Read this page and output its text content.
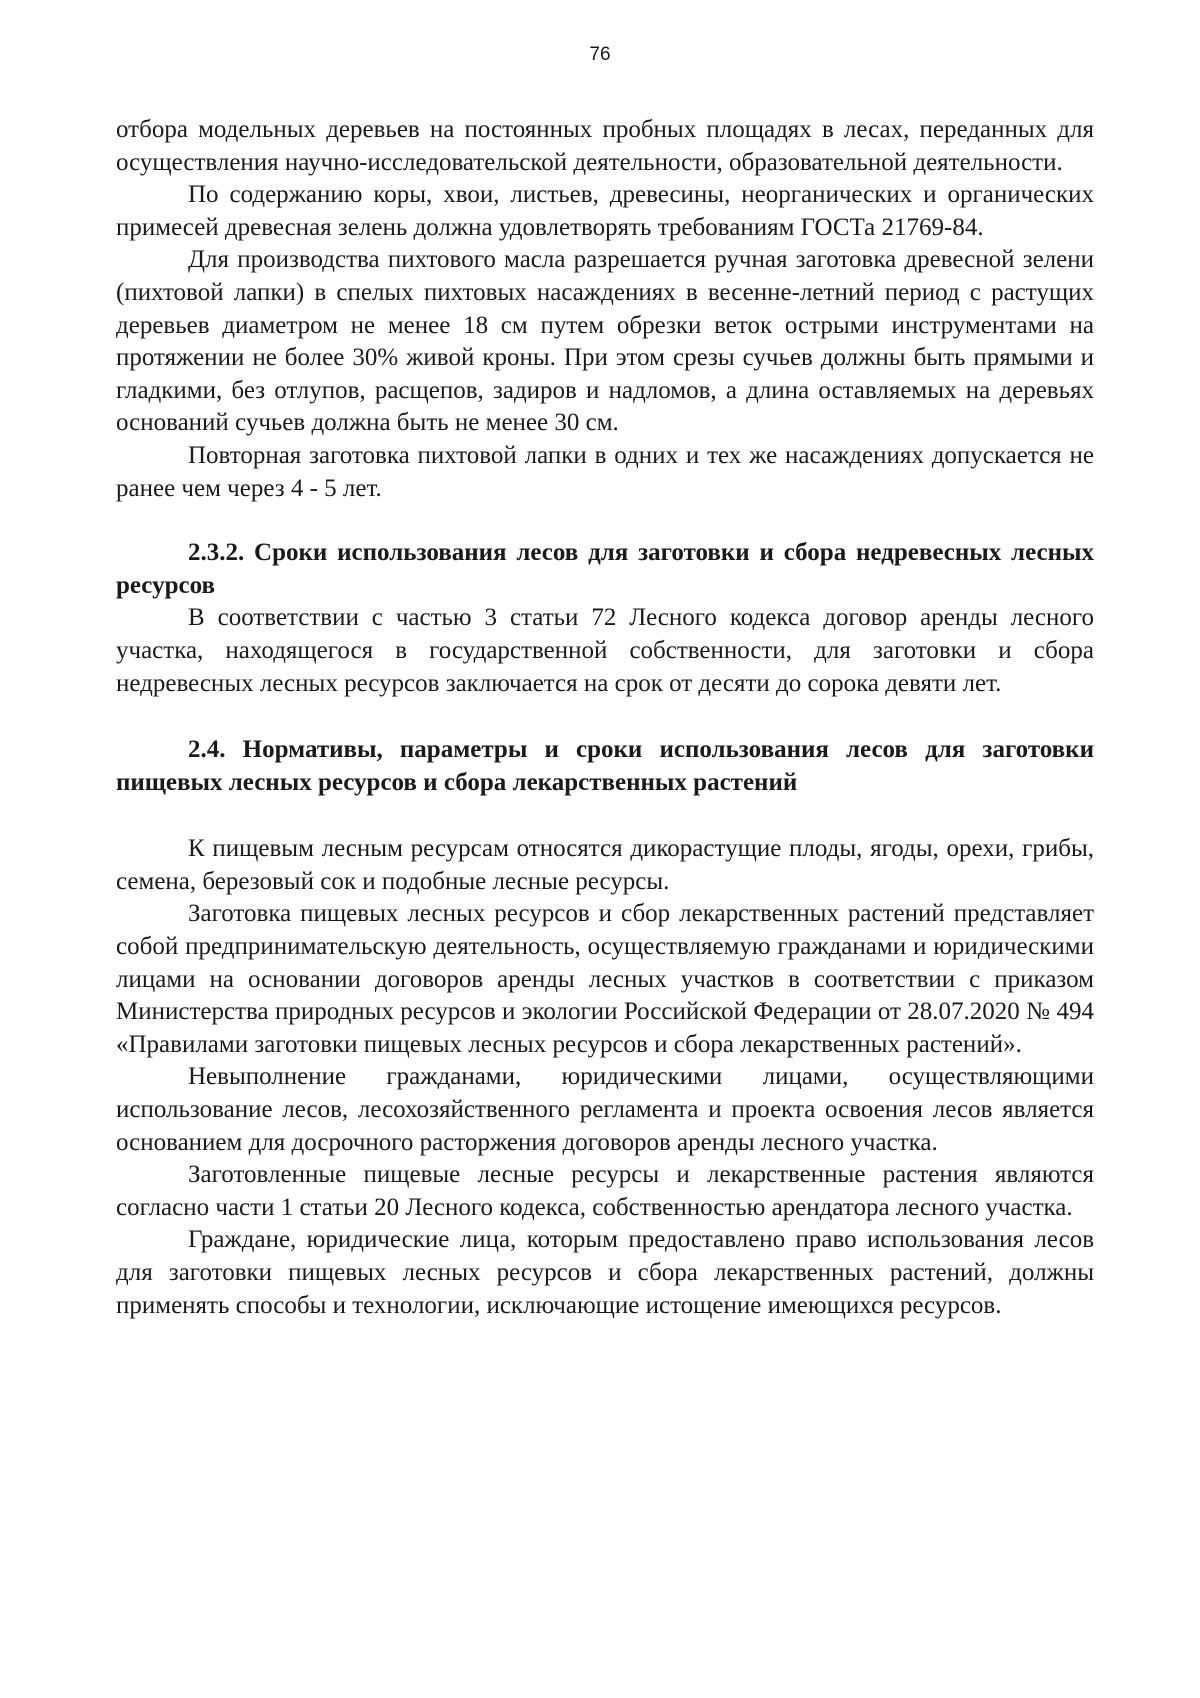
76

отбора модельных деревьев на постоянных пробных площадях в лесах, переданных для осуществления научно-исследовательской деятельности, образовательной деятельности.

По содержанию коры, хвои, листьев, древесины, неорганических и органических примесей древесная зелень должна удовлетворять требованиям ГОСТа 21769-84.

Для производства пихтового масла разрешается ручная заготовка древесной зелени (пихтовой лапки) в спелых пихтовых насаждениях в весенне-летний период с растущих деревьев диаметром не менее 18 см путем обрезки веток острыми инструментами на протяжении не более 30% живой кроны. При этом срезы сучьев должны быть прямыми и гладкими, без отлупов, расщепов, задиров и надломов, а длина оставляемых на деревьях оснований сучьев должна быть не менее 30 см.

Повторная заготовка пихтовой лапки в одних и тех же насаждениях допускается не ранее чем через 4 - 5 лет.

2.3.2. Сроки использования лесов для заготовки и сбора недревесных лесных ресурсов

В соответствии с частью 3 статьи 72 Лесного кодекса договор аренды лесного участка, находящегося в государственной собственности, для заготовки и сбора недревесных лесных ресурсов заключается на срок от десяти до сорока девяти лет.

2.4. Нормативы, параметры и сроки использования лесов для заготовки пищевых лесных ресурсов и сбора лекарственных растений

К пищевым лесным ресурсам относятся дикорастущие плоды, ягоды, орехи, грибы, семена, березовый сок и подобные лесные ресурсы.

Заготовка пищевых лесных ресурсов и сбор лекарственных растений представляет собой предпринимательскую деятельность, осуществляемую гражданами и юридическими лицами на основании договоров аренды лесных участков в соответствии с приказом Министерства природных ресурсов и экологии Российской Федерации от 28.07.2020 № 494 «Правилами заготовки пищевых лесных ресурсов и сбора лекарственных растений».

Невыполнение гражданами, юридическими лицами, осуществляющими использование лесов, лесохозяйственного регламента и проекта освоения лесов является основанием для досрочного расторжения договоров аренды лесного участка.

Заготовленные пищевые лесные ресурсы и лекарственные растения являются согласно части 1 статьи 20 Лесного кодекса, собственностью арендатора лесного участка.

Граждане, юридические лица, которым предоставлено право использования лесов для заготовки пищевых лесных ресурсов и сбора лекарственных растений, должны применять способы и технологии, исключающие истощение имеющихся ресурсов.
